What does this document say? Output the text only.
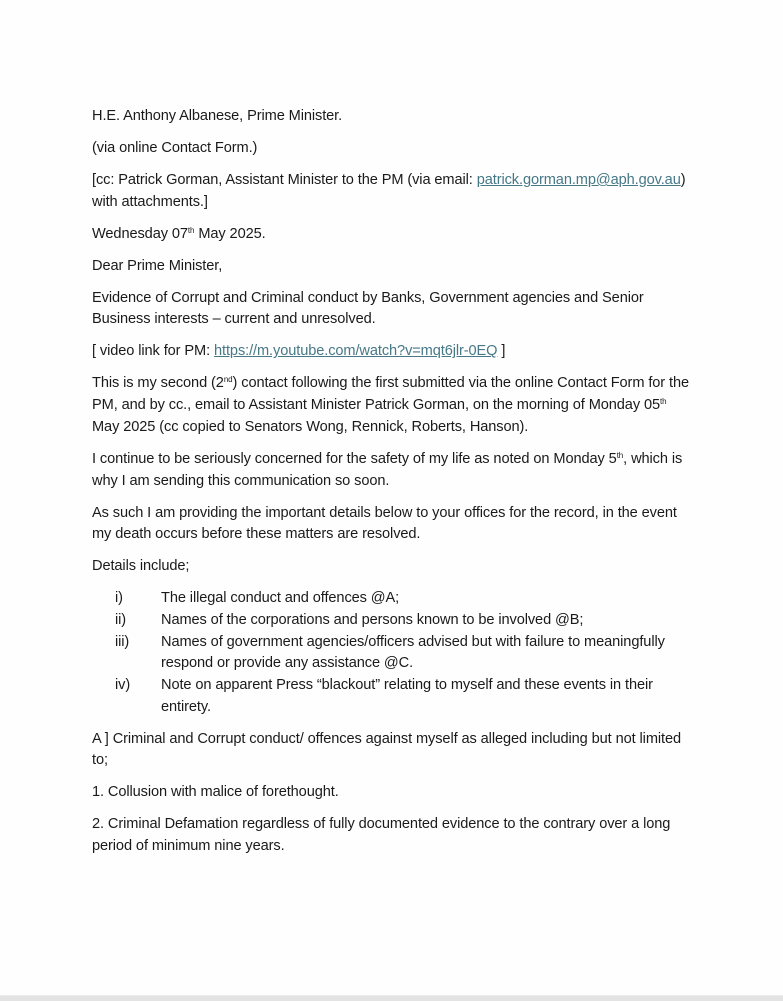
H.E. Anthony Albanese, Prime Minister.

(via online Contact Form.)

[cc: Patrick Gorman, Assistant Minister to the PM (via email: patrick.gorman.mp@aph.gov.au) with attachments.]

Wednesday 07th May 2025.

Dear Prime Minister,

Evidence of Corrupt and Criminal conduct by Banks, Government agencies and Senior Business interests – current and unresolved.

[ video link for PM: https://m.youtube.com/watch?v=mqt6jlr-0EQ ]

This is my second (2nd) contact following the first submitted via the online Contact Form for the PM, and by cc., email to Assistant Minister Patrick Gorman, on the morning of Monday 05th May 2025 (cc copied to Senators Wong, Rennick, Roberts, Hanson).

I continue to be seriously concerned for the safety of my life as noted on Monday 5th, which is why I am sending this communication so soon.

As such I am providing the important details below to your offices for the record, in the event my death occurs before these matters are resolved.

Details include;

i)	The illegal conduct and offences @A;
ii)	Names of the corporations and persons known to be involved @B;
iii)	Names of government agencies/officers advised but with failure to meaningfully respond or provide any assistance @C.
iv)	Note on apparent Press “blackout” relating to myself and these events in their entirety.

A ] Criminal and Corrupt conduct/ offences against myself as alleged including but not limited to;

1. Collusion with malice of forethought.

2. Criminal Defamation regardless of fully documented evidence to the contrary over a long period of minimum nine years.
